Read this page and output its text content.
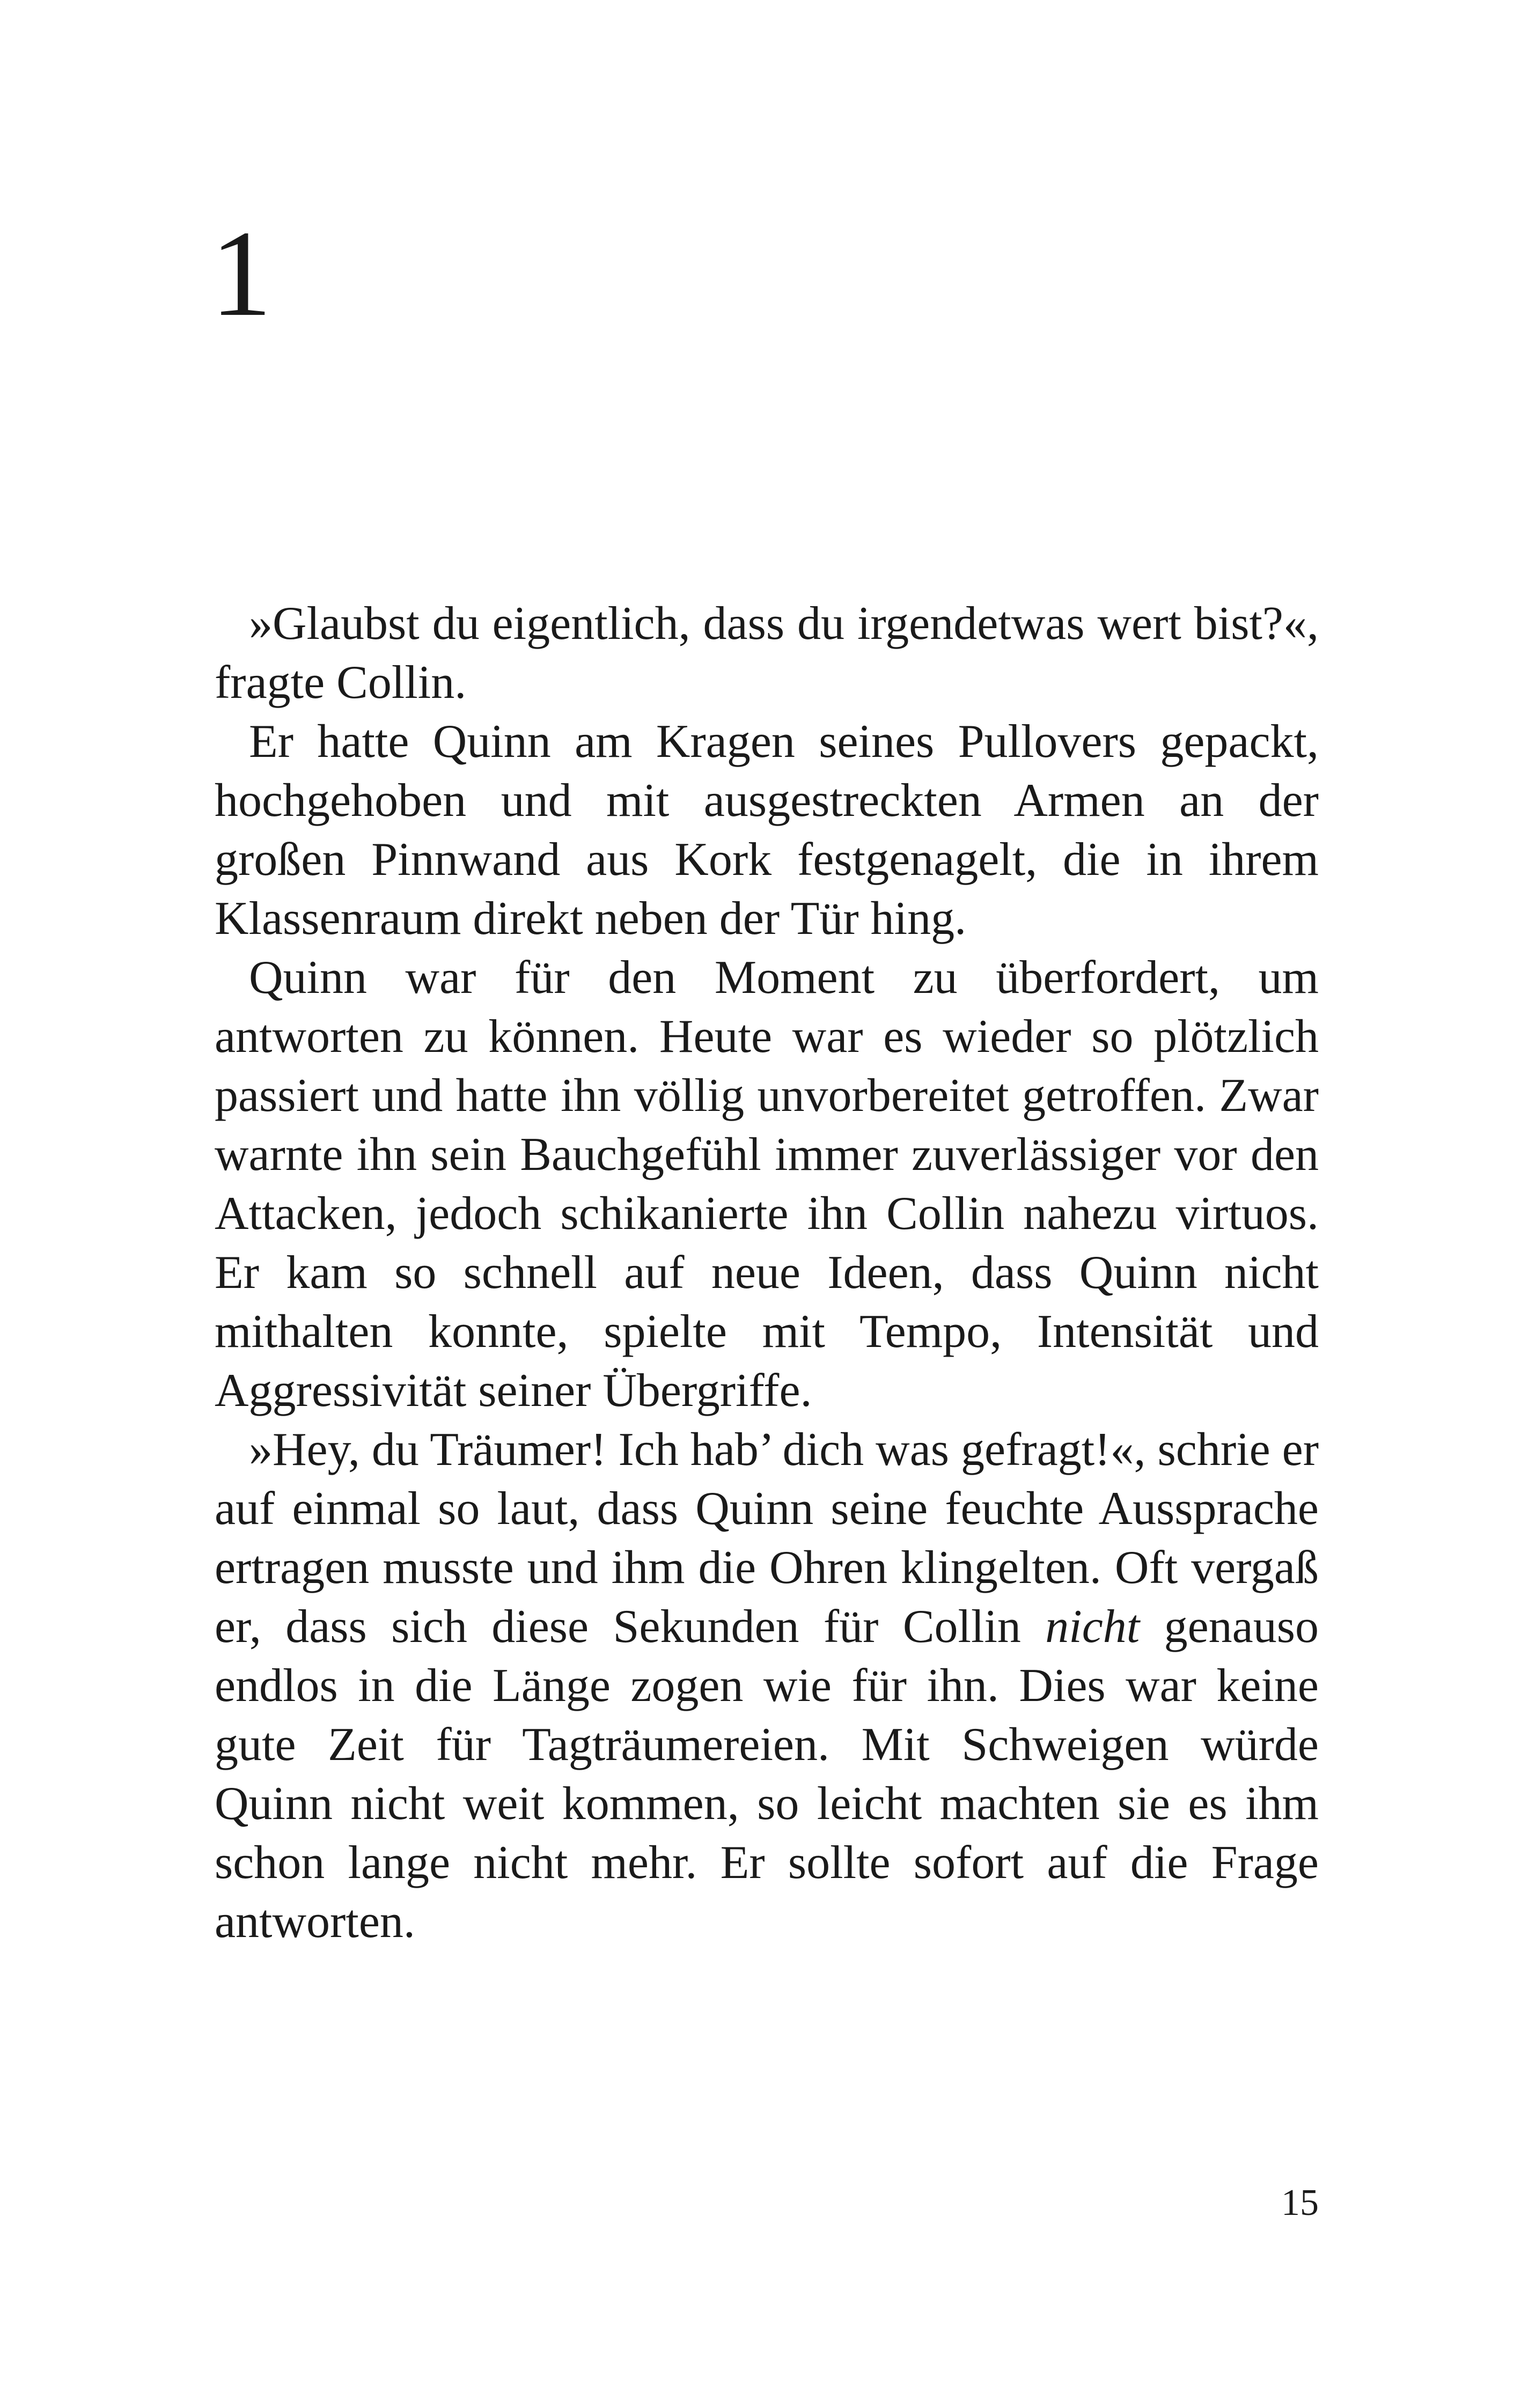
1

»Glaubst du eigentlich, dass du irgendetwas wert bist?«, fragte Collin.

Er hatte Quinn am Kragen seines Pullovers gepackt, hochgehoben und mit ausgestreckten Armen an der großen Pinnwand aus Kork festgenagelt, die in ihrem Klassenraum direkt neben der Tür hing.

Quinn war für den Moment zu überfordert, um antworten zu können. Heute war es wieder so plötzlich passiert und hatte ihn völlig unvorbereitet getroffen. Zwar warnte ihn sein Bauchgefühl immer zuverlässiger vor den Attacken, jedoch schikanierte ihn Collin nahezu virtuos. Er kam so schnell auf neue Ideen, dass Quinn nicht mithalten konnte, spielte mit Tempo, Intensität und Aggressivität seiner Übergriffe.

»Hey, du Träumer! Ich hab’ dich was gefragt!«, schrie er auf einmal so laut, dass Quinn seine feuchte Aussprache ertragen musste und ihm die Ohren klingelten. Oft vergaß er, dass sich diese Sekunden für Collin nicht genauso endlos in die Länge zogen wie für ihn. Dies war keine gute Zeit für Tagträumereien. Mit Schweigen würde Quinn nicht weit kommen, so leicht machten sie es ihm schon lange nicht mehr. Er sollte sofort auf die Frage antworten.

15
